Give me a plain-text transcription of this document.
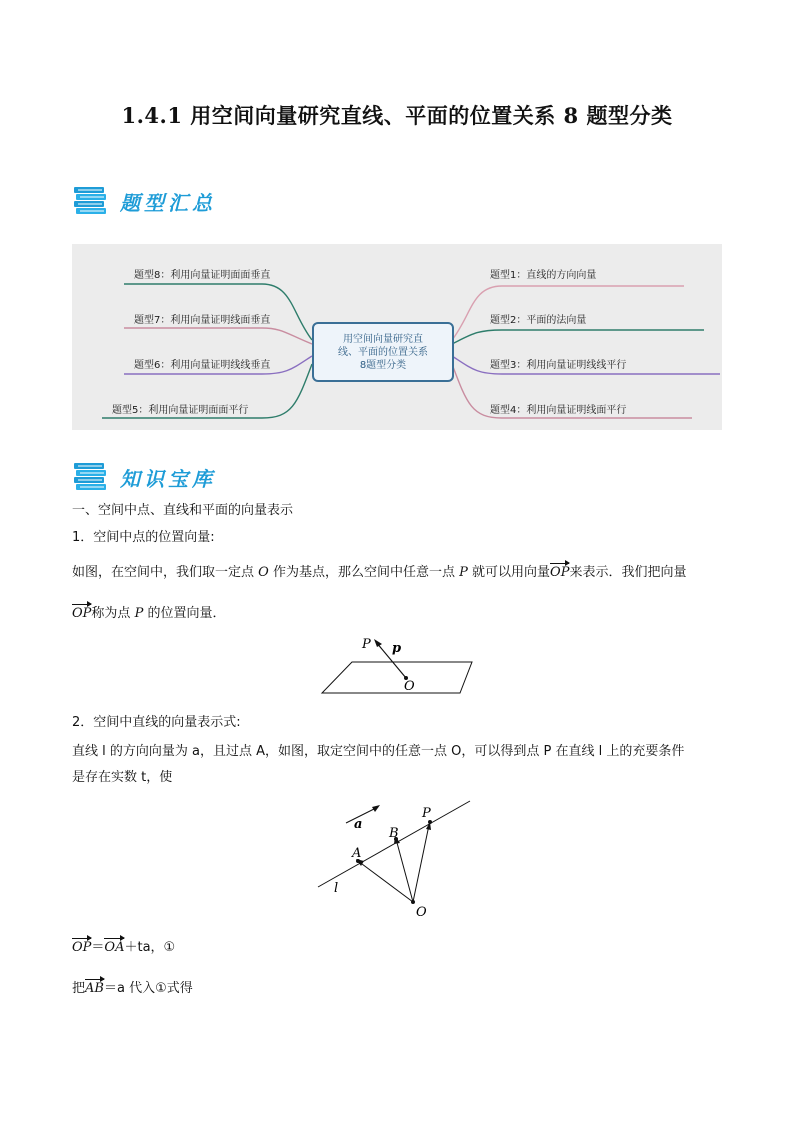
1.4.1 用空间向量研究直线、平面的位置关系 8 题型分类
题型汇总
用空间向量研究直
线、平面的位置关系
8题型分类
题型8：利用向量证明面面垂直
题型7：利用向量证明线面垂直
题型6：利用向量证明线线垂直
题型5：利用向量证明面面平行
题型1：直线的方向向量
题型2：平面的法向量
题型3：利用向量证明线线平行
题型4：利用向量证明线面平行
知识宝库
一、空间中点、直线和平面的向量表示
1．空间中点的位置向量:
如图，在空间中，我们取一定点 O 作为基点，那么空间中任意一点 P 就可以用向量OP来表示．我们把向量
OP称为点 P 的位置向量．
P p
O
2．空间中直线的向量表示式:
直线 l 的方向向量为 a，且过点 A，如图，取定空间中的任意一点 O，可以得到点 P 在直线 l 上的充要条件
是存在实数 t，使
a
A
B
P
O
l
OP＝OA＋ta，①
把AB＝a 代入①式得
